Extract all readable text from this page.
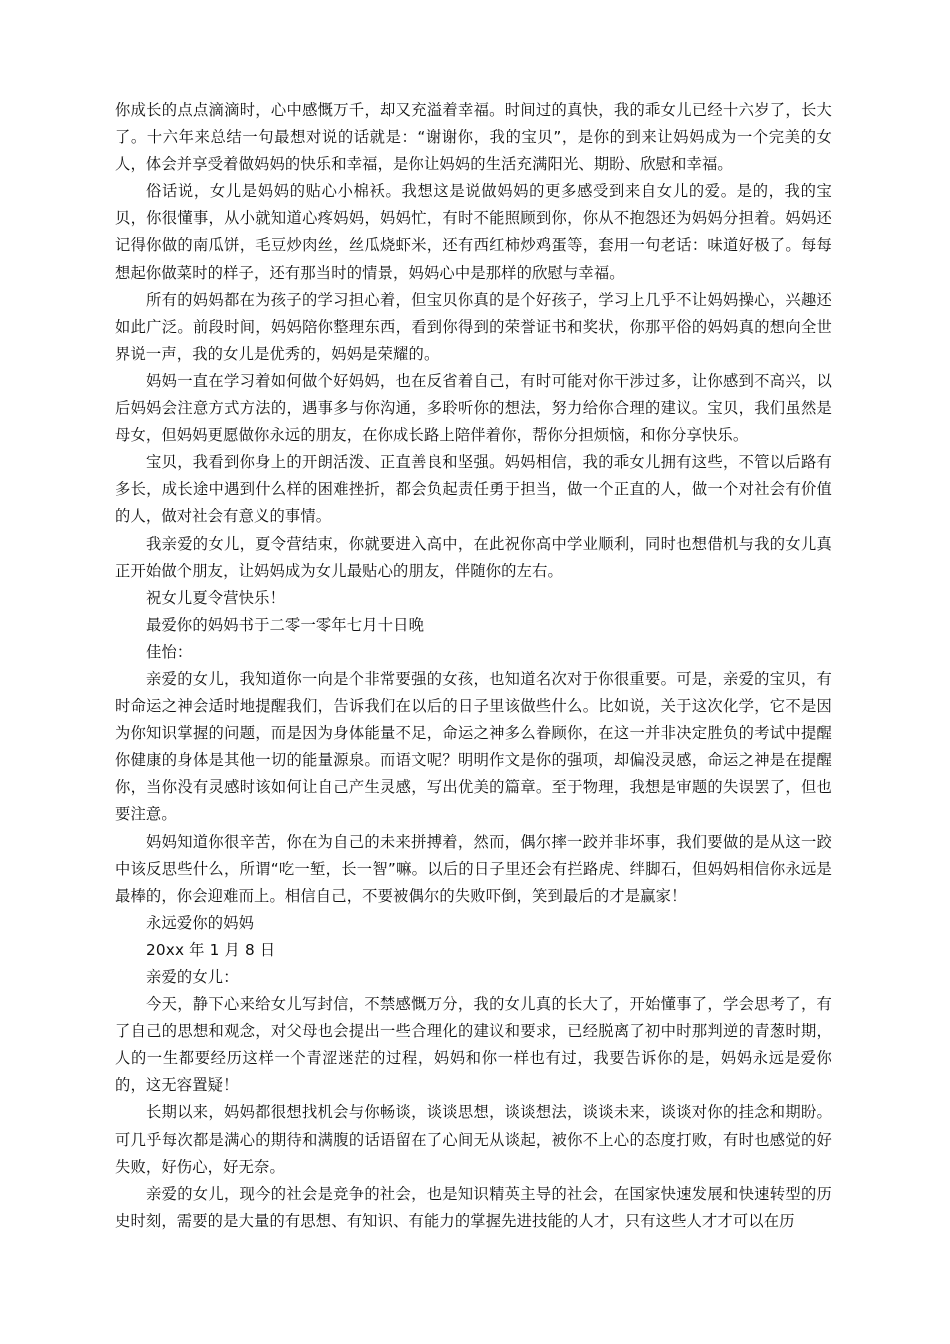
你成长的点点滴滴时，心中感慨万千，却又充溢着幸福。时间过的真快，我的乖女儿已经十六岁了，长大了。十六年来总结一句最想对说的话就是：“谢谢你，我的宝贝”，是你的到来让妈妈成为一个完美的女人，体会并享受着做妈妈的快乐和幸福，是你让妈妈的生活充满阳光、期盼、欣慰和幸福。

俗话说，女儿是妈妈的贴心小棉袄。我想这是说做妈妈的更多感受到来自女儿的爱。是的，我的宝贝，你很懂事，从小就知道心疼妈妈，妈妈忙，有时不能照顾到你，你从不抱怨还为妈妈分担着。妈妈还记得你做的南瓜饼，毛豆炒肉丝，丝瓜烧虾米，还有西红柿炒鸡蛋等，套用一句老话：味道好极了。每每想起你做菜时的样子，还有那当时的情景，妈妈心中是那样的欣慰与幸福。

所有的妈妈都在为孩子的学习担心着，但宝贝你真的是个好孩子，学习上几乎不让妈妈操心，兴趣还如此广泛。前段时间，妈妈陪你整理东西，看到你得到的荣誉证书和奖状，你那平俗的妈妈真的想向全世界说一声，我的女儿是优秀的，妈妈是荣耀的。

妈妈一直在学习着如何做个好妈妈，也在反省着自己，有时可能对你干涉过多，让你感到不高兴，以后妈妈会注意方式方法的，遇事多与你沟通，多聆听你的想法，努力给你合理的建议。宝贝，我们虽然是母女，但妈妈更愿做你永远的朋友，在你成长路上陪伴着你，帮你分担烦恼，和你分享快乐。

宝贝，我看到你身上的开朗活泼、正直善良和坚强。妈妈相信，我的乖女儿拥有这些，不管以后路有多长，成长途中遇到什么样的困难挫折，都会负起责任勇于担当，做一个正直的人，做一个对社会有价值的人，做对社会有意义的事情。

我亲爱的女儿，夏令营结束，你就要进入高中，在此祝你高中学业顺利，同时也想借机与我的女儿真正开始做个朋友，让妈妈成为女儿最贴心的朋友，伴随你的左右。

祝女儿夏令营快乐！

最爱你的妈妈书于二零一零年七月十日晚

佳怡：

亲爱的女儿，我知道你一向是个非常要强的女孩，也知道名次对于你很重要。可是，亲爱的宝贝，有时命运之神会适时地提醒我们，告诉我们在以后的日子里该做些什么。比如说，关于这次化学，它不是因为你知识掌握的问题，而是因为身体能量不足，命运之神多么眷顾你，在这一并非决定胜负的考试中提醒你健康的身体是其他一切的能量源泉。而语文呢？明明作文是你的强项，却偏没灵感，命运之神是在提醒你，当你没有灵感时该如何让自己产生灵感，写出优美的篇章。至于物理，我想是审题的失误罢了，但也要注意。

妈妈知道你很辛苦，你在为自己的未来拼搏着，然而，偶尔摔一跤并非坏事，我们要做的是从这一跤中该反思些什么，所谓“吃一堑，长一智”嘛。以后的日子里还会有拦路虎、绊脚石，但妈妈相信你永远是最棒的，你会迎难而上。相信自己，不要被偶尔的失败吓倒，笑到最后的才是赢家！

永远爱你的妈妈

20xx 年 1 月 8 日

亲爱的女儿：

今天，静下心来给女儿写封信，不禁感慨万分，我的女儿真的长大了，开始懂事了，学会思考了，有了自己的思想和观念，对父母也会提出一些合理化的建议和要求，已经脱离了初中时那判逆的青葱时期，人的一生都要经历这样一个青涩迷茫的过程，妈妈和你一样也有过，我要告诉你的是，妈妈永远是爱你的，这无容置疑！

长期以来，妈妈都很想找机会与你畅谈，谈谈思想，谈谈想法，谈谈未来，谈谈对你的挂念和期盼。可几乎每次都是满心的期待和满腹的话语留在了心间无从谈起，被你不上心的态度打败，有时也感觉的好失败，好伤心，好无奈。

亲爱的女儿，现今的社会是竞争的社会，也是知识精英主导的社会，在国家快速发展和快速转型的历史时刻，需要的是大量的有思想、有知识、有能力的掌握先进技能的人才，只有这些人才才可以在历
